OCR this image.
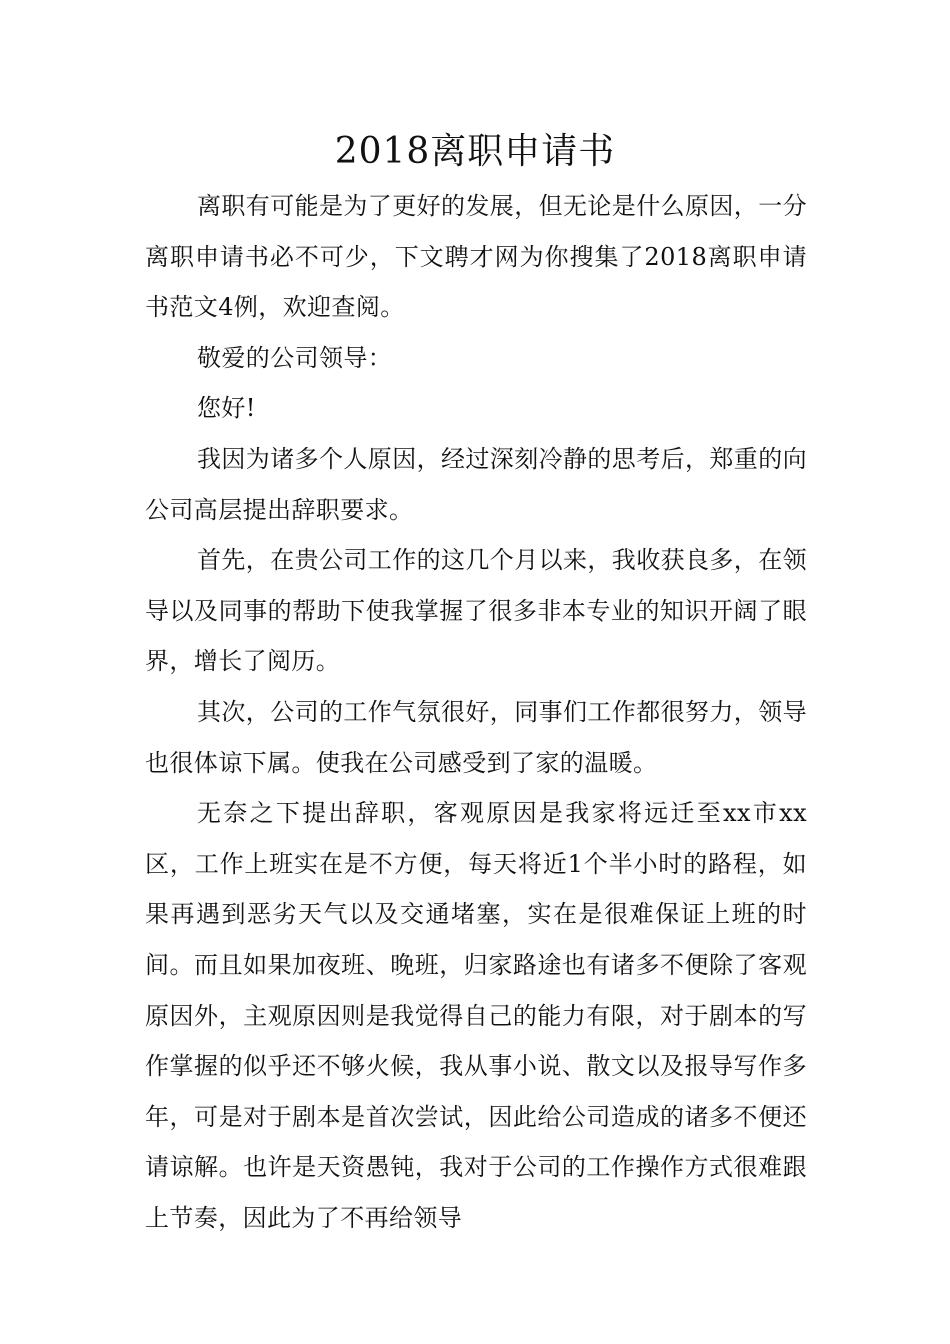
2018离职申请书

离职有可能是为了更好的发展，但无论是什么原因，一分离职申请书必不可少，下文聘才网为你搜集了2018离职申请书范文4例，欢迎查阅。

敬爱的公司领导：

您好!

我因为诸多个人原因，经过深刻冷静的思考后，郑重的向公司高层提出辞职要求。

首先，在贵公司工作的这几个月以来，我收获良多，在领导以及同事的帮助下使我掌握了很多非本专业的知识开阔了眼界，增长了阅历。

其次，公司的工作气氛很好，同事们工作都很努力，领导也很体谅下属。使我在公司感受到了家的温暖。

无奈之下提出辞职，客观原因是我家将远迁至xx市xx区，工作上班实在是不方便，每天将近1个半小时的路程，如果再遇到恶劣天气以及交通堵塞，实在是很难保证上班的时间。而且如果加夜班、晚班，归家路途也有诸多不便除了客观原因外，主观原因则是我觉得自己的能力有限，对于剧本的写作掌握的似乎还不够火候，我从事小说、散文以及报导写作多年，可是对于剧本是首次尝试，因此给公司造成的诸多不便还请谅解。也许是天资愚钝，我对于公司的工作操作方式很难跟上节奏，因此为了不再给领导
